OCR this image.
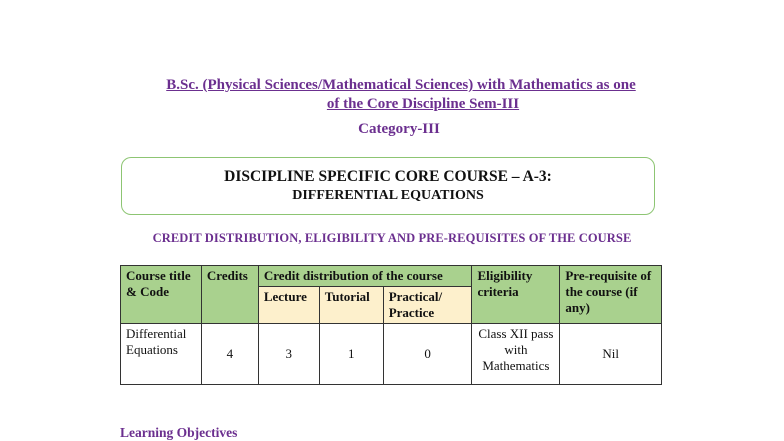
B.Sc. (Physical Sciences/Mathematical Sciences) with Mathematics as one
of the Core Discipline Sem-III
Category-III
DISCIPLINE SPECIFIC CORE COURSE – A-3:
DIFFERENTIAL EQUATIONS
CREDIT DISTRIBUTION, ELIGIBILITY AND PRE-REQUISITES OF THE COURSE
Course title & Code	Credits	Credit distribution of the course			Eligibility criteria	Pre-requisite of the course (if any)
		Lecture	Tutorial	Practical/ Practice		
Differential Equations	4	3	1	0	Class XII pass with Mathematics	Nil
Learning Objectives
